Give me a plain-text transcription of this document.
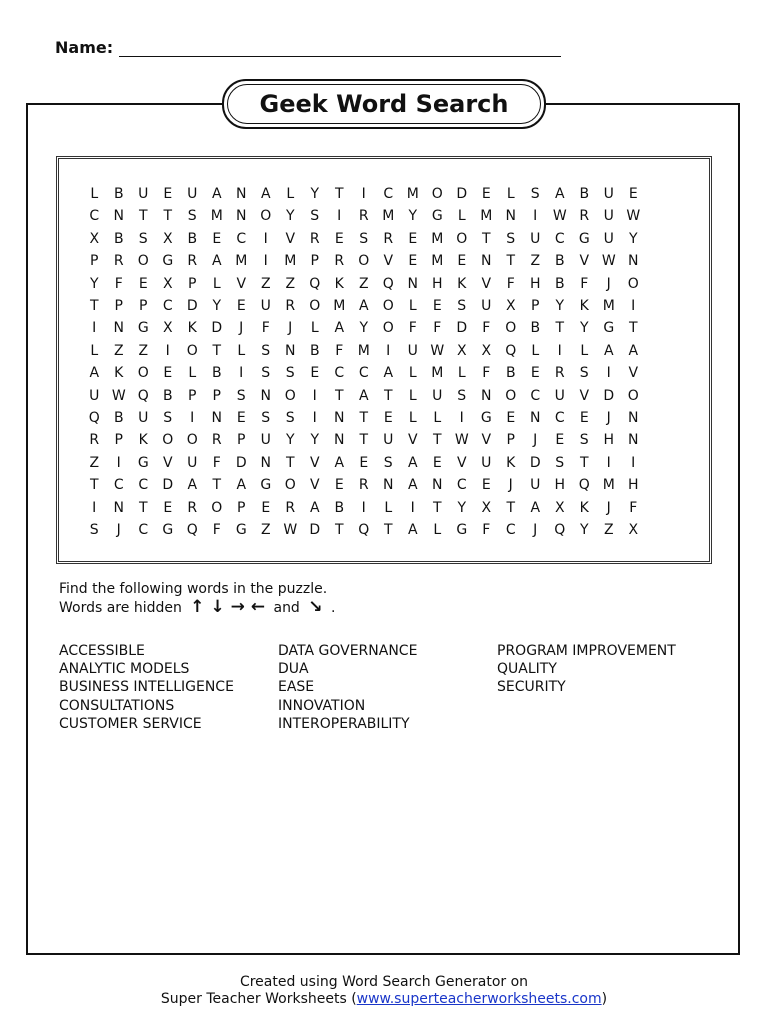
Name:
Geek Word Search
L	B	U	E	U	A	N	A	L	Y	T	I	C M O D	E	L	S	A	B	U	E
C	N	T	T	S	M N O	Y	S	I	R M	Y	G	L	M N	I	W R	U W
X	B	S	X	B	E	C	I	V	R	E	S	R	E	M O	T	S	U	C	G U	Y
P	R	O G	R	A M	I	M	P	R	O	V	E	M	E	N	T	Z	B	V W N
Y	F	E	X	P	L	V	Z	Z	Q	K	Z	Q N	H	K	V	F	H	B	F	J	O
T	P	P	C	D	Y	E	U	R	O M A	O	L	E	S	U	X	P	Y	K M	I
I	N G	X	K	D	J	F	J	L	A	Y	O	F	F	D	F	O	B	T	Y	G	T
L	Z	Z	I	O	T	L	S	N	B	F	M	I	U W X	X	Q	L	I	L	A	A
A	K	O	E	L	B	I	S	S	E	C	C	A	L	M	L	F	B	E	R	S	I	V
U W Q	B	P	P	S	N O	I	T	A	T	L	U	S	N O	C	U	V	D O
Q	B	U	S	I	N	E	S	S	I	N	T	E	L	L	I	G	E	N	C	E	J	N
R	P	K	O O	R	P	U	Y	Y	N	T	U	V	T W V	P	J	E	S	H N
Z	I	G	V	U	F	D N	T	V	A	E	S	A	E	V	U	K	D	S	T	I	I
T	C	C	D	A	T	A	G O	V	E	R	N	A	N	C	E	J	U	H Q M H
I	N	T	E	R	O	P	E	R	A	B	I	L	I	T	Y	X	T	A	X	K	J	F
S	J	C	G Q	F	G	Z W D	T	Q	T	A	L	G	F	C	J	Q	Y	Z	X
Find the following words in the puzzle.
Words are hidden ↑ ↓ → ← and ↘ .
ACCESSIBLE
ANALYTIC MODELS
BUSINESS INTELLIGENCE
CONSULTATIONS
CUSTOMER SERVICE
DATA GOVERNANCE
DUA
EASE
INNOVATION
INTEROPERABILITY
PROGRAM IMPROVEMENT
QUALITY
SECURITY
Created using Word Search Generator on
Super Teacher Worksheets (www.superteacherworksheets.com)
